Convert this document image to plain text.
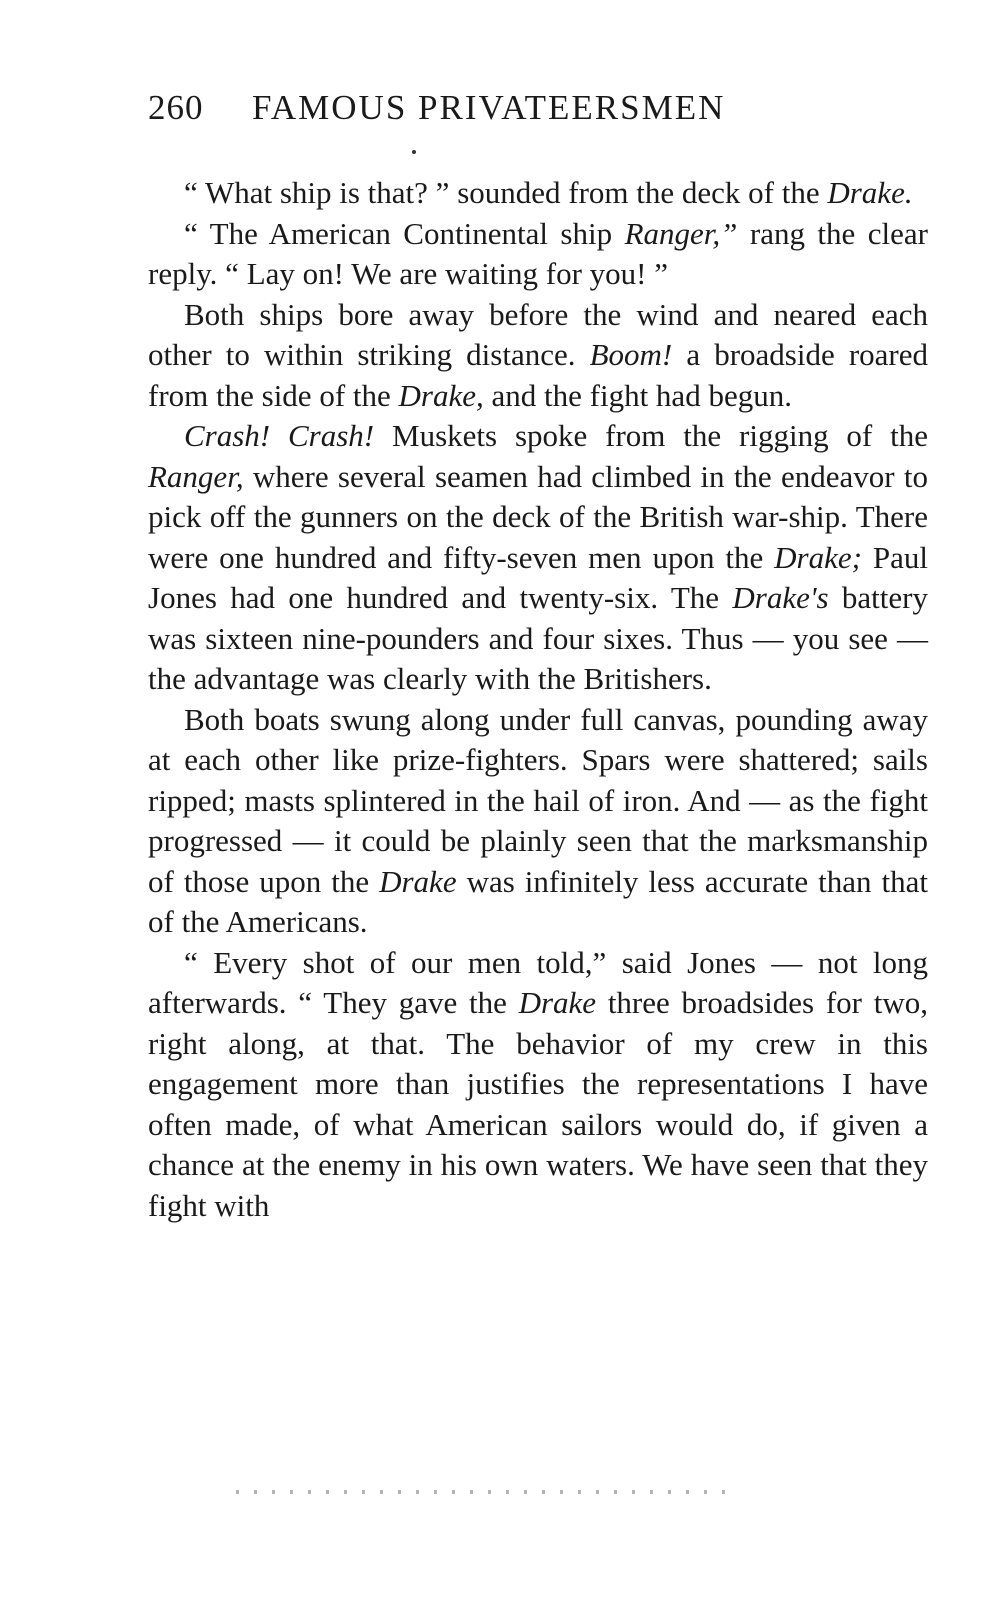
260 FAMOUS PRIVATEERSMEN

“ What ship is that? ” sounded from the deck of the Drake.

“ The American Continental ship Ranger,” rang the clear reply. “ Lay on! We are waiting for you! ”

Both ships bore away before the wind and neared each other to within striking distance. Boom! a broadside roared from the side of the Drake, and the fight had begun.

Crash! Crash! Muskets spoke from the rigging of the Ranger, where several seamen had climbed in the endeavor to pick off the gunners on the deck of the British war-ship. There were one hundred and fifty-seven men upon the Drake; Paul Jones had one hundred and twenty-six. The Drake's battery was sixteen nine-pounders and four sixes. Thus — you see — the advantage was clearly with the Britishers.

Both boats swung along under full canvas, pounding away at each other like prize-fighters. Spars were shattered; sails ripped; masts splintered in the hail of iron. And — as the fight progressed — it could be plainly seen that the marksmanship of those upon the Drake was infinitely less accurate than that of the Americans.

“ Every shot of our men told,” said Jones — not long afterwards. “ They gave the Drake three broadsides for two, right along, at that. The behavior of my crew in this engagement more than justifies the representations I have often made, of what American sailors would do, if given a chance at the enemy in his own waters. We have seen that they fight with
